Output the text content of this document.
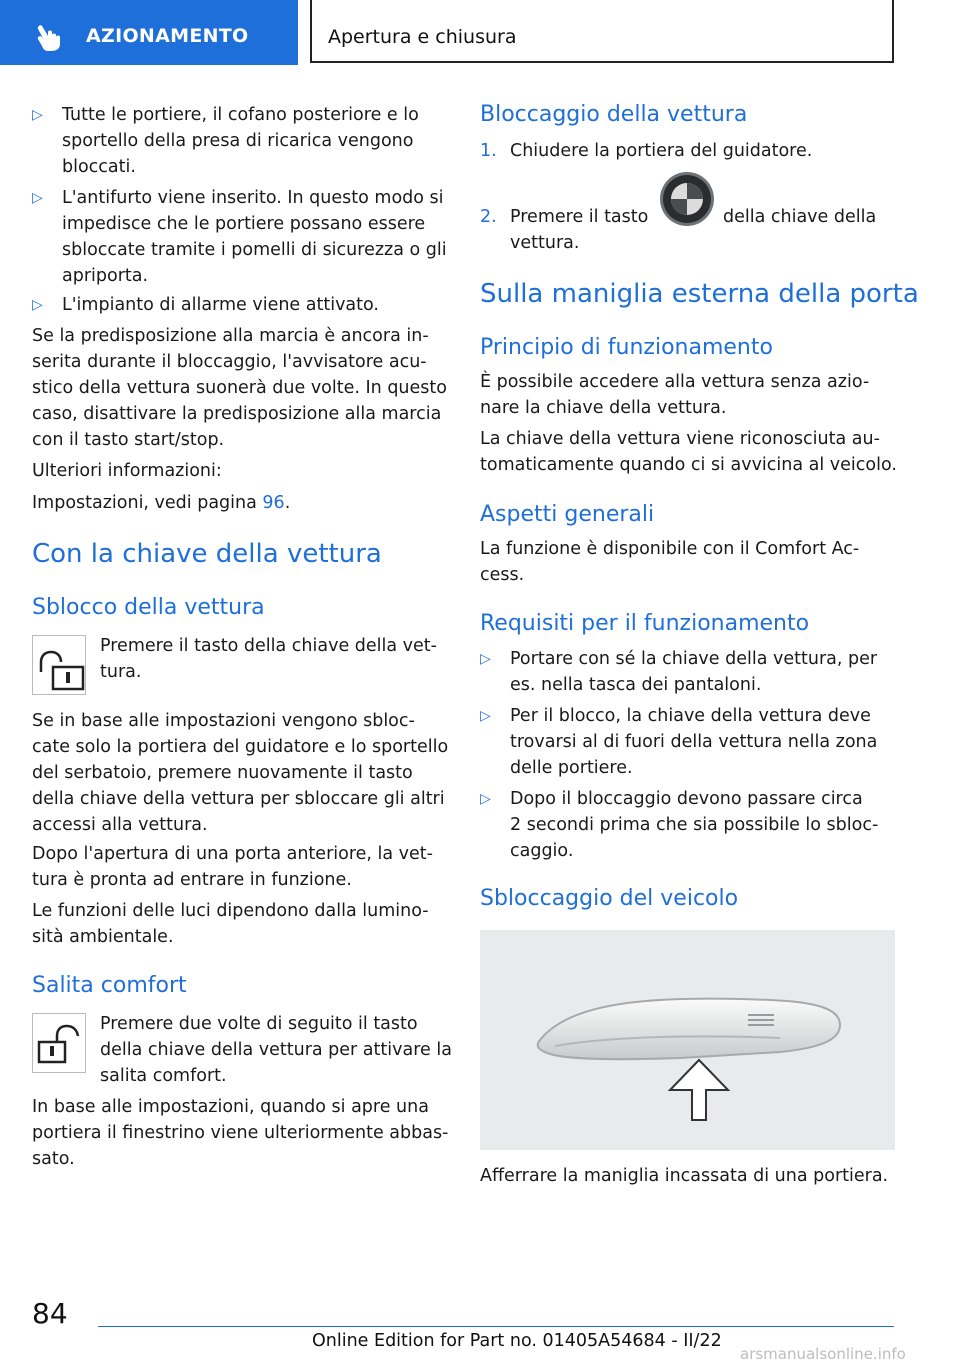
AZIONAMENTO	Apertura e chiusura
▷ Tutte le portiere, il cofano posteriore e lo
sportello della presa di ricarica vengono
bloccati.

▷ L'antifurto viene inserito. In questo modo si
impedisce che le portiere possano essere
sbloccate tramite i pomelli di sicurezza o gli
apriporta.

▷ L'impianto di allarme viene attivato.

Se la predisposizione alla marcia è ancora in-
serita durante il bloccaggio, l'avvisatore acu-
stico della vettura suonerà due volte. In questo
caso, disattivare la predisposizione alla marcia
con il tasto start/stop.

Ulteriori informazioni:

Impostazioni, vedi pagina 96.

Con la chiave della vettura
Sblocco della vettura

Premere il tasto della chiave della vet-
tura.

Se in base alle impostazioni vengono sbloc-
cate solo la portiera del guidatore e lo sportello
del serbatoio, premere nuovamente il tasto
della chiave della vettura per sbloccare gli altri
accessi alla vettura.

Dopo l'apertura di una porta anteriore, la vet-
tura è pronta ad entrare in funzione.

Le funzioni delle luci dipendono dalla lumino-
sità ambientale.

Salita comfort

Premere due volte di seguito il tasto
della chiave della vettura per attivare la
salita comfort.

In base alle impostazioni, quando si apre una
portiera il finestrino viene ulteriormente abbas-
sato.

Bloccaggio della vettura
1. Chiudere la portiera del guidatore.

2. Premere il tasto	della chiave della

vettura.

Sulla maniglia esterna della porta
Principio di funzionamento

È possibile accedere alla vettura senza azio-
nare la chiave della vettura.

La chiave della vettura viene riconosciuta au-
tomaticamente quando ci si avvicina al veicolo.

Aspetti generali

La funzione è disponibile con il Comfort Ac-
cess.

Requisiti per il funzionamento
▷ Portare con sé la chiave della vettura, per
es. nella tasca dei pantaloni.

▷ Per il blocco, la chiave della vettura deve
trovarsi al di fuori della vettura nella zona
delle portiere.

▷ Dopo il bloccaggio devono passare circa
2 secondi prima che sia possibile lo sbloc-
caggio.

Sbloccaggio del veicolo

Afferrare la maniglia incassata di una portiera.

84
Online Edition for Part no. 01405A54684 - II/22
arsmanualsonline.info
